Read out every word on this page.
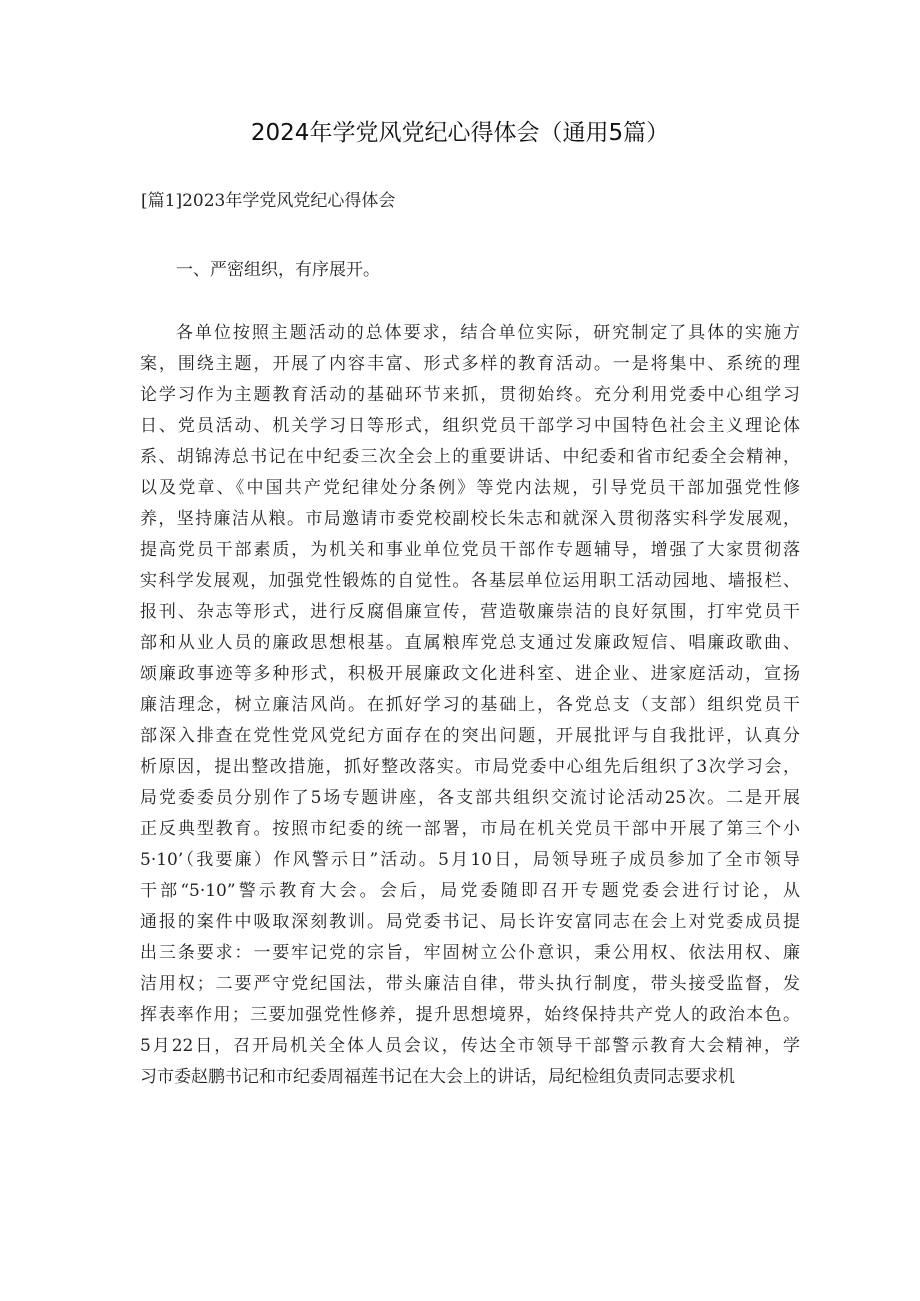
2024年学党风党纪心得体会（通用5篇）

[篇1]2023年学党风党纪心得体会

一、严密组织，有序展开。

各单位按照主题活动的总体要求，结合单位实际，研究制定了具体的实施方
案，围绕主题，开展了内容丰富、形式多样的教育活动。一是将集中、系统的理
论学习作为主题教育活动的基础环节来抓，贯彻始终。充分利用党委中心组学习
日、党员活动、机关学习日等形式，组织党员干部学习中国特色社会主义理论体
系、胡锦涛总书记在中纪委三次全会上的重要讲话、中纪委和省市纪委全会精神，
以及党章、《中国共产党纪律处分条例》等党内法规，引导党员干部加强党性修
养，坚持廉洁从粮。市局邀请市委党校副校长朱志和就深入贯彻落实科学发展观，
提高党员干部素质，为机关和事业单位党员干部作专题辅导，增强了大家贯彻落
实科学发展观，加强党性锻炼的自觉性。各基层单位运用职工活动园地、墙报栏、
报刊、杂志等形式，进行反腐倡廉宣传，营造敬廉崇洁的良好氛围，打牢党员干
部和从业人员的廉政思想根基。直属粮库党总支通过发廉政短信、唱廉政歌曲、
颂廉政事迹等多种形式，积极开展廉政文化进科室、进企业、进家庭活动，宣扬
廉洁理念，树立廉洁风尚。在抓好学习的基础上，各党总支（支部）组织党员干
部深入排查在党性党风党纪方面存在的突出问题，开展批评与自我批评，认真分
析原因，提出整改措施，抓好整改落实。市局党委中心组先后组织了3次学习会，
局党委委员分别作了5场专题讲座，各支部共组织交流讨论活动25次。二是开展
正反典型教育。按照市纪委的统一部署，市局在机关党员干部中开展了第三个小
5·10’（我要廉）作风警示日”活动。5月10日，局领导班子成员参加了全市领导
干部“5·10”警示教育大会。会后，局党委随即召开专题党委会进行讨论，从
通报的案件中吸取深刻教训。局党委书记、局长许安富同志在会上对党委成员提
出三条要求：一要牢记党的宗旨，牢固树立公仆意识，秉公用权、依法用权、廉
洁用权；二要严守党纪国法，带头廉洁自律，带头执行制度，带头接受监督，发
挥表率作用；三要加强党性修养，提升思想境界，始终保持共产党人的政治本色。
5月22日，召开局机关全体人员会议，传达全市领导干部警示教育大会精神，学
习市委赵鹏书记和市纪委周福莲书记在大会上的讲话，局纪检组负责同志要求机
